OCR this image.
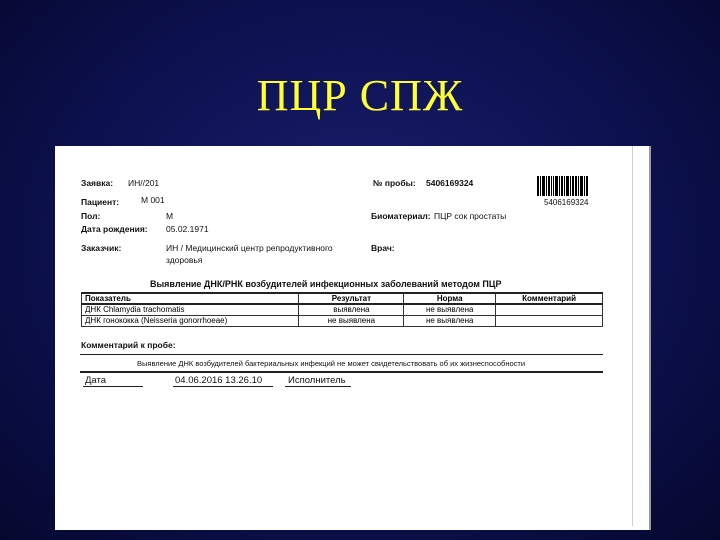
ПЦР СПЖ
Заявка: ИН//201	№ пробы: 5406169324
5406169324
Пациент:	М 001
Пол:	М	Биоматериал: ПЦР сок простаты
Дата рождения: 05.02.1971
Заказчик:	ИН / Медицинский центр репродуктивного
здоровья
Врач:
Выявление ДНК/РНК возбудителей инфекционных заболеваний методом ПЦР
Показатель	Результат	Норма	Комментарий
ДНК Chlamydia trachomatis	выявлена	не выявлена	
ДНК гонококка (Neisseria gonorrhoeae)	не выявлена	не выявлена	
Комментарий к пробе:
Выявление ДНК возбудителей бактериальных инфекций не может свидетельствовать об их жизнеспособности
Дата	04.06.2016 13.26.10	Исполнитель
